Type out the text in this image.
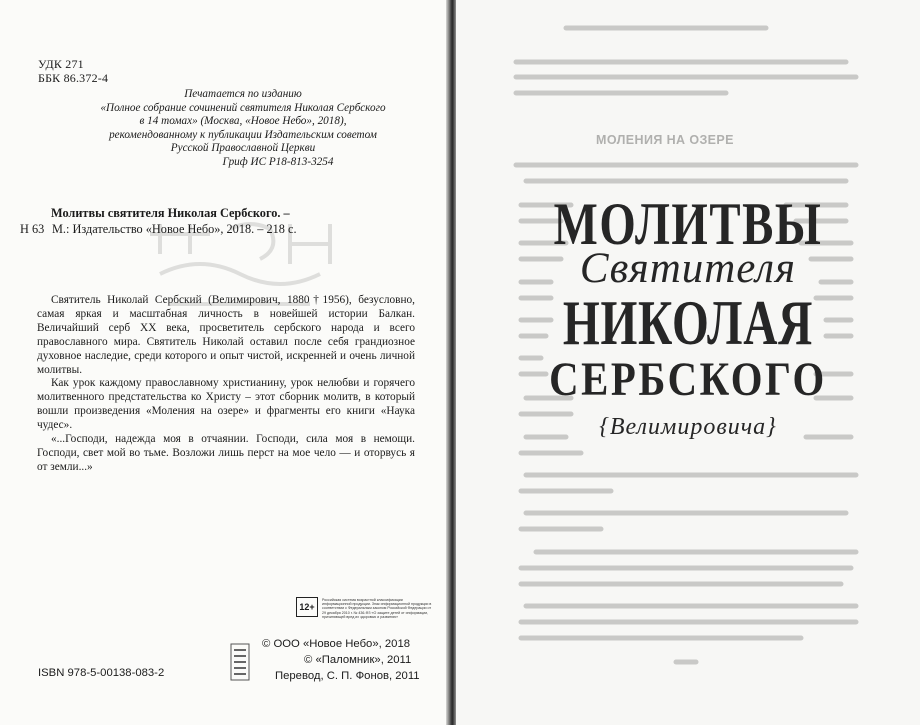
УДК 271
ББК 86.372-4
Печатается по изданию
«Полное собрание сочинений святителя Николая Сербского
в 14 томах» (Москва, «Новое Небо», 2018),
рекомендованному к публикации Издательским советом
Русской Православной Церкви
Гриф ИС Р18-813-3254
Молитвы святителя Николая Сербского. –
Н 63 М.: Издательство «Новое Небо», 2018. – 218 с.

Святитель Николай Сербский (Велимирович, 1880†1956), безусловно, самая яркая и масштабная личность в новейшей истории Балкан. Величайший серб XX века, просветитель сербского народа и всего православного мира. Святитель Николай оставил после себя грандиозное духовное наследие, среди которого и опыт чистой, искренней и очень личной молитвы.

Как урок каждому православному христианину, урок нелюбви и горячего молитвенного предстательства ко Христу – этот сборник молитв, в который вошли произведения «Моления на озере» и фрагменты его книги «Наука чудес».

«...Господи, надежда моя в отчаянии. Господи, сила моя в немощи. Господи, свет мой во тьме. Возложи лишь перст на мое чело — и оторвусь я от земли...»

12+
Российская система возрастной классификации информационной продукции. Знак информационной продукции в соответствии с Федеральным законом Российской Федерации от 29 декабря 2010 г. № 436-ФЗ «О защите детей от информации, причиняющей вред их здоровью и развитию»
© ООО «Новое Небо», 2018
© «Паломник», 2011
Перевод, С. П. Фонов, 2011
ISBN 978-5-00138-083-2
МОЛЕНИЯ НА ОЗЕРЕ
МОЛИТВЫ
Святителя
НИКОЛАЯ
СЕРБСКОГО
{Велимировича}
